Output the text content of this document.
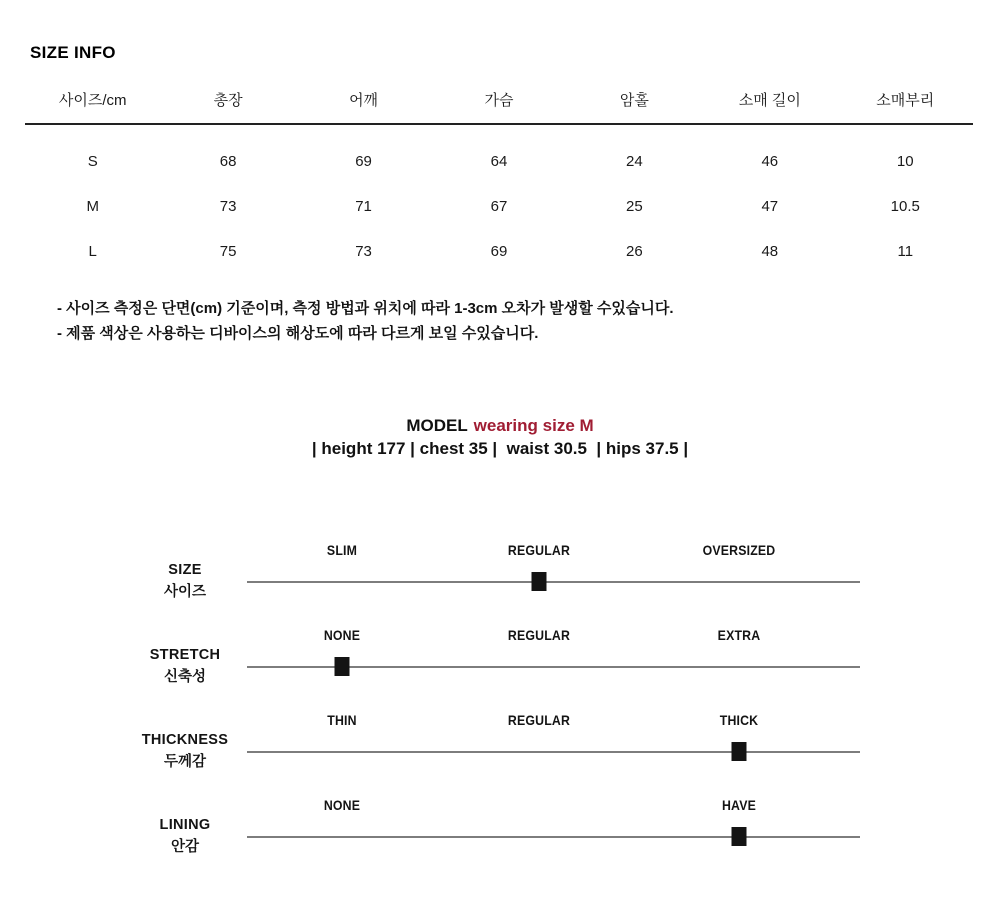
SIZE INFO
사이즈/cm	총장	어깨	가슴	암홀	소매 길이	소매부리

S	68	69	64	24	46	10
M	73	71	67	25	47	10.5
L	75	73	69	26	48	11
- 사이즈 측정은 단면(cm) 기준이며, 측정 방법과 위치에 따라 1-3cm 오차가 발생할 수있습니다.
- 제품 색상은 사용하는 디바이스의 해상도에 따라 다르게 보일 수있습니다.
MODEL wearing size M
| height 177 | chest 35 |  waist 30.5  | hips 37.5 |
SIZE
사이즈
SLIM	REGULAR	OVERSIZED
STRETCH
신축성
NONE	REGULAR	EXTRA
THICKNESS
두께감
THIN	REGULAR	THICK
LINING
안감
NONE	HAVE
